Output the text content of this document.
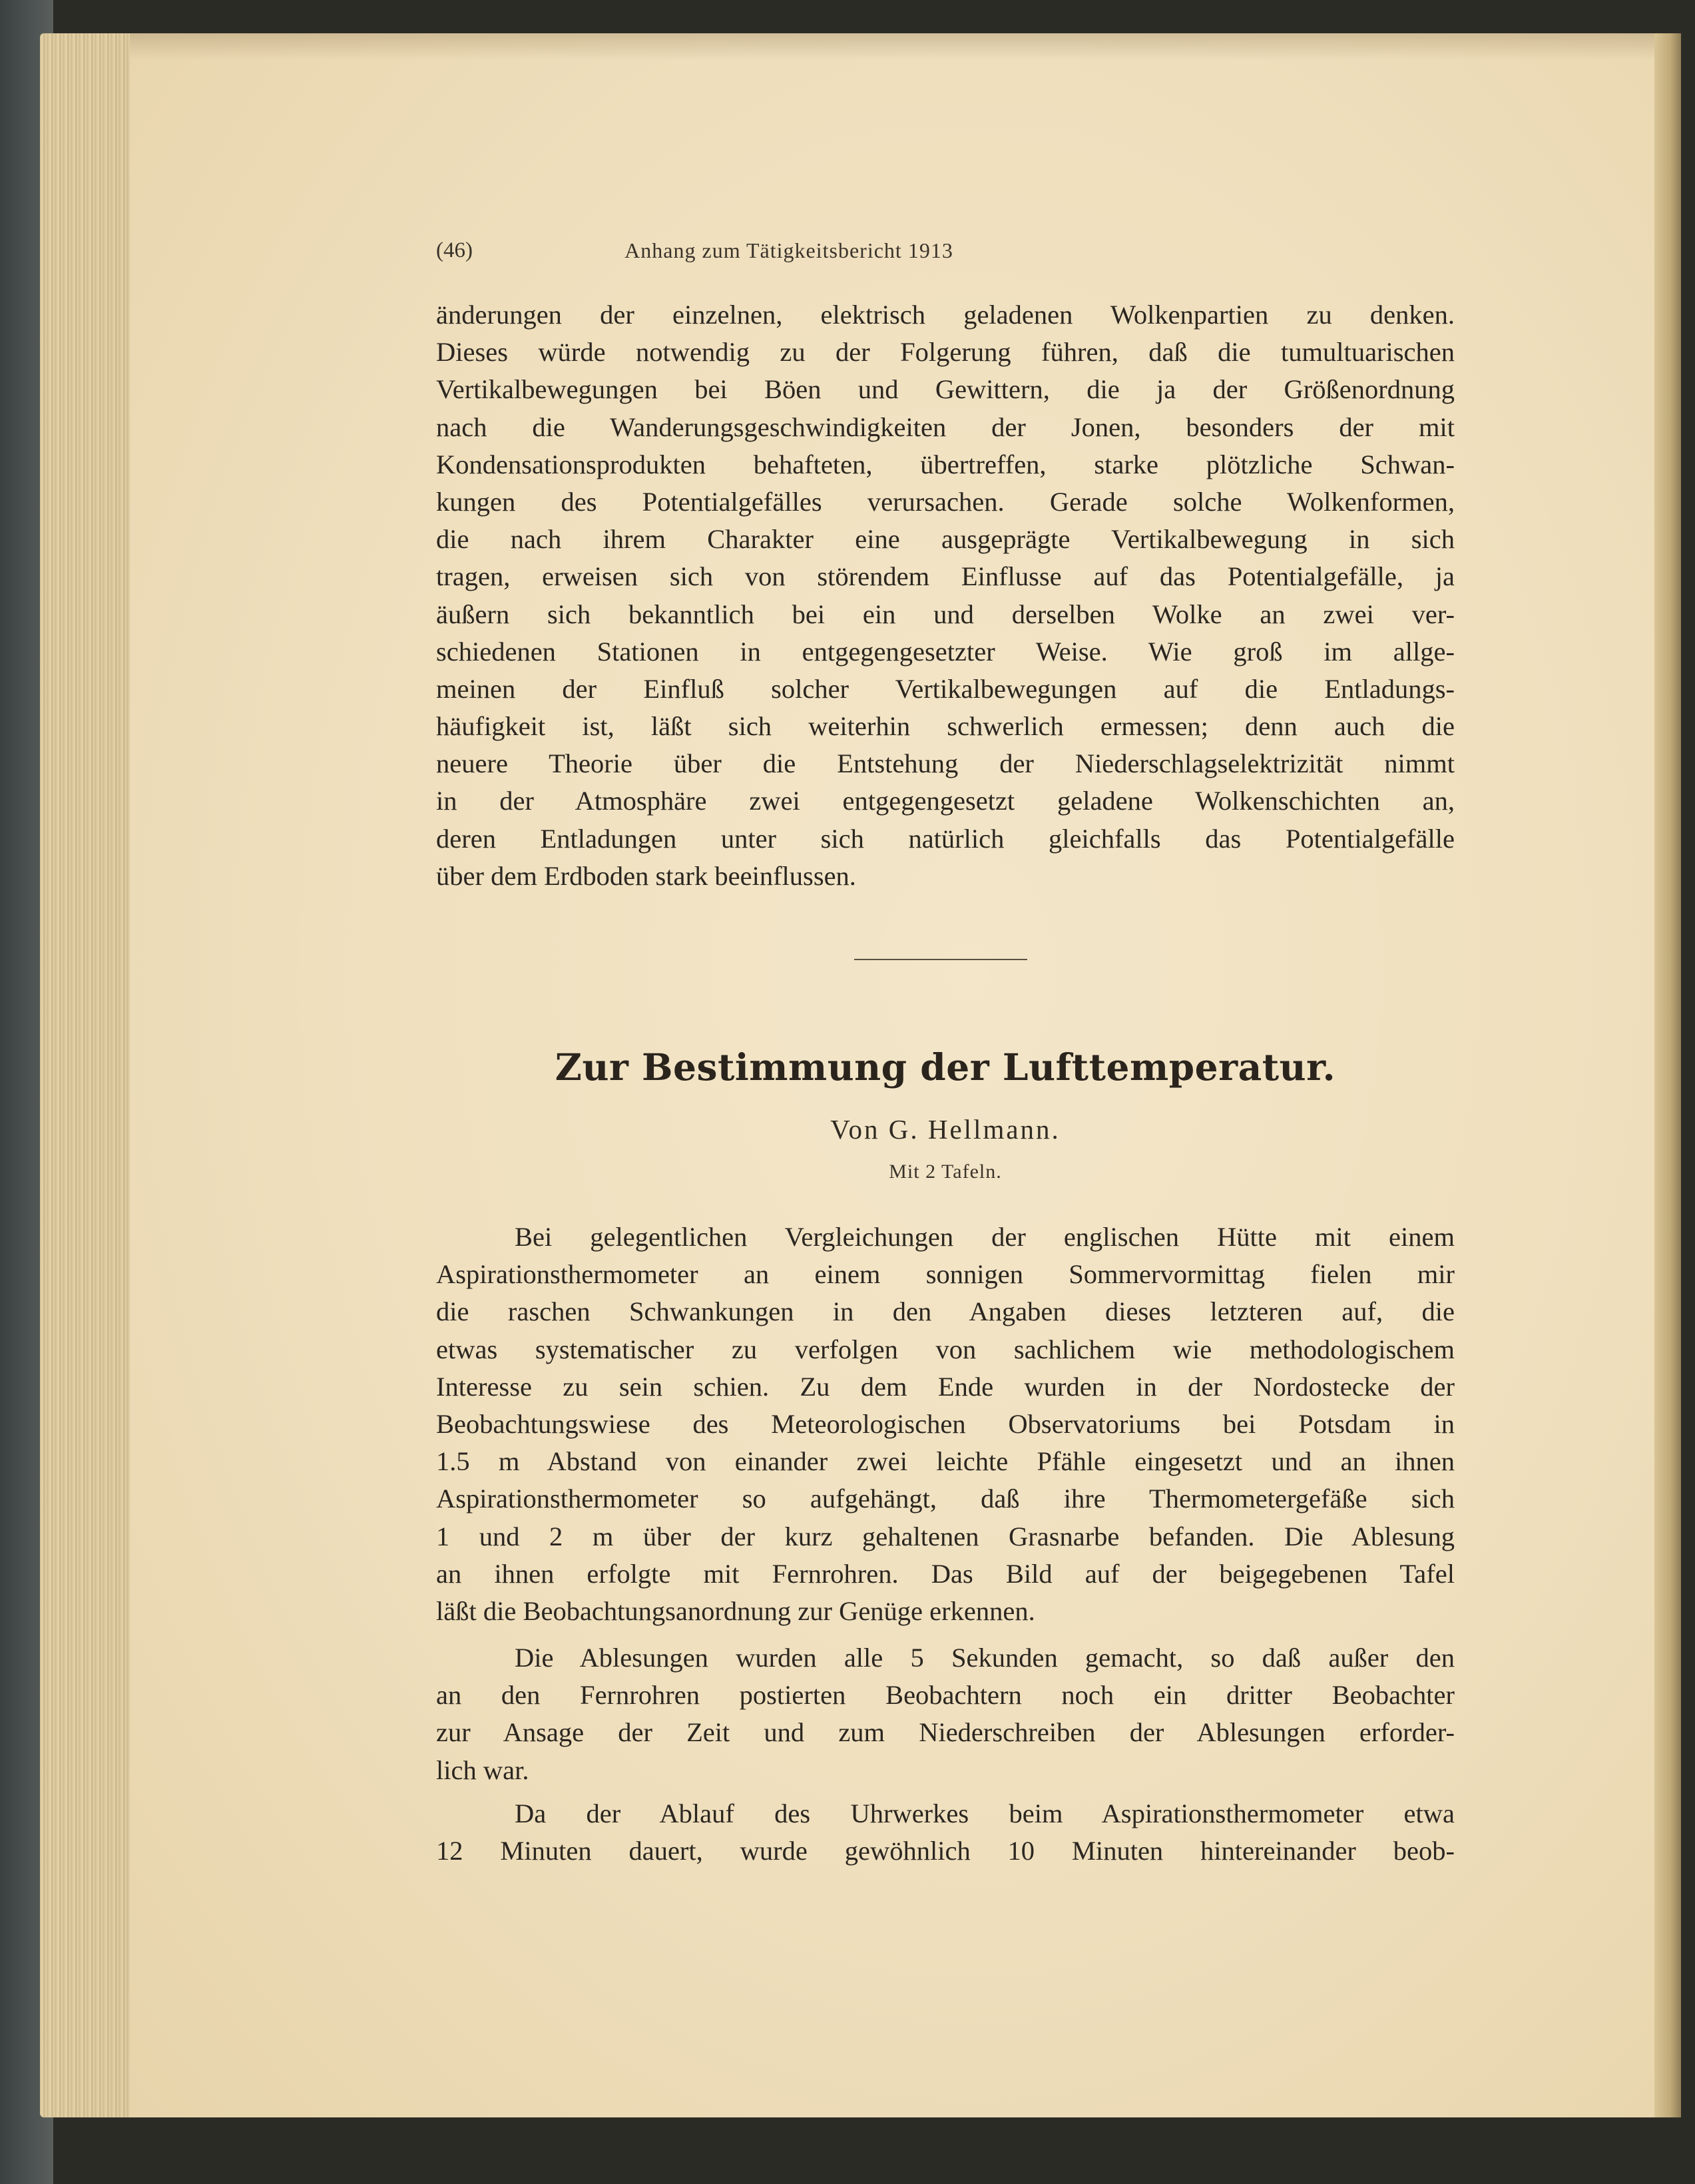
(46)	Anhang zum Tätigkeitsbericht 1913
änderungen der einzelnen, elektrisch geladenen Wolkenpartien zu denken.
Dieses würde notwendig zu der Folgerung führen, daß die tumultuarischen
Vertikalbewegungen bei Böen und Gewittern, die ja der Größenordnung
nach die Wanderungsgeschwindigkeiten der Jonen, besonders der mit
Kondensationsprodukten behafteten, übertreffen, starke plötzliche Schwan-
kungen des Potentialgefälles verursachen. Gerade solche Wolkenformen,
die nach ihrem Charakter eine ausgeprägte Vertikalbewegung in sich
tragen, erweisen sich von störendem Einflusse auf das Potentialgefälle, ja
äußern sich bekanntlich bei ein und derselben Wolke an zwei ver-
schiedenen Stationen in entgegengesetzter Weise. Wie groß im allge-
meinen der Einfluß solcher Vertikalbewegungen auf die Entladungs-
häufigkeit ist, läßt sich weiterhin schwerlich ermessen; denn auch die
neuere Theorie über die Entstehung der Niederschlagselektrizität nimmt
in der Atmosphäre zwei entgegengesetzt geladene Wolkenschichten an,
deren Entladungen unter sich natürlich gleichfalls das Potentialgefälle
über dem Erdboden stark beeinflussen.
Zur Bestimmung der Lufttemperatur.
Von G. Hellmann.
Mit 2 Tafeln.
Bei gelegentlichen Vergleichungen der englischen Hütte mit einem
Aspirationsthermometer an einem sonnigen Sommervormittag fielen mir
die raschen Schwankungen in den Angaben dieses letzteren auf, die
etwas systematischer zu verfolgen von sachlichem wie methodologischem
Interesse zu sein schien. Zu dem Ende wurden in der Nordostecke der
Beobachtungswiese des Meteorologischen Observatoriums bei Potsdam in
1.5 m Abstand von einander zwei leichte Pfähle eingesetzt und an ihnen
Aspirationsthermometer so aufgehängt, daß ihre Thermometergefäße sich
1 und 2 m über der kurz gehaltenen Grasnarbe befanden. Die Ablesung
an ihnen erfolgte mit Fernrohren. Das Bild auf der beigegebenen Tafel
läßt die Beobachtungsanordnung zur Genüge erkennen.
Die Ablesungen wurden alle 5 Sekunden gemacht, so daß außer den
an den Fernrohren postierten Beobachtern noch ein dritter Beobachter
zur Ansage der Zeit und zum Niederschreiben der Ablesungen erforder-
lich war.
Da der Ablauf des Uhrwerkes beim Aspirationsthermometer etwa
12 Minuten dauert, wurde gewöhnlich 10 Minuten hintereinander beob-
